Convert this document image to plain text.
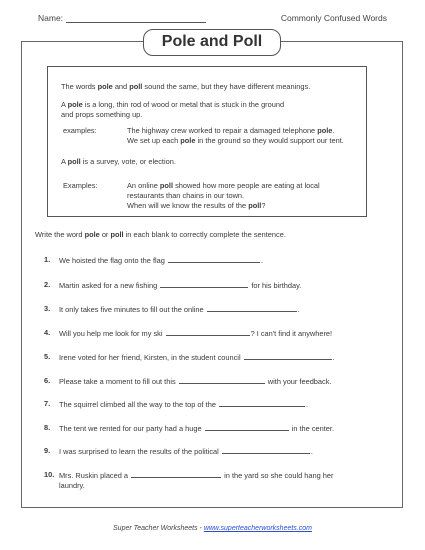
Name:	Commonly Confused Words
Pole and Poll
The words pole and poll sound the same, but they have different meanings.
A pole is a long, thin rod of wood or metal that is stuck in the ground
and props something up.
examples:	The highway crew worked to repair a damaged telephone pole.
We set up each pole in the ground so they would support our tent.
A poll is a survey, vote, or election.
Examples:	An online poll showed how more people are eating at local
restaurants than chains in our town.
When will we know the results of the poll?
Write the word pole or poll in each blank to correctly complete the sentence.
1. We hoisted the flag onto the flag	.
2. Martin asked for a new fishing	for his birthday.
3. It only takes five minutes to fill out the online	.
4. Will you help me look for my ski	? I can't find it anywhere!
5. Irene voted for her friend, Kirsten, in the student council	.
6. Please take a moment to fill out this	with your feedback.
7. The squirrel climbed all the way to the top of the	.
8. The tent we rented for our party had a huge	in the center.
9. I was surprised to learn the results of the political	.
10. Mrs. Ruskin placed a	in the yard so she could hang her
laundry.
Super Teacher Worksheets - www.superteacherworksheets.com
